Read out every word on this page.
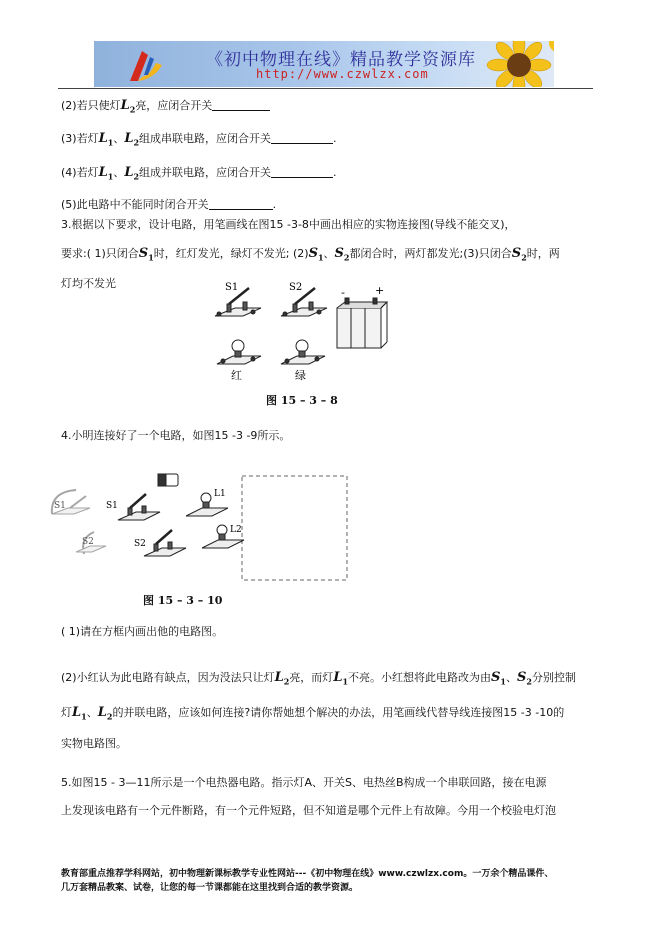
《初中物理在线》精品教学资源库
http://www.czwlzx.com
(2)若只使灯$L_2$亮，应闭合开关
(3)若灯$L_1$、$L_2$组成串联电路，应闭合开关	.
(4)若灯$L_1$、$L_2$组成并联电路，应闭合开关	.
(5)此电路中不能同时闭合开关	.
3.根据以下要求，设计电路，用笔画线在图15 -3-8中画出相应的实物连接图(导线不能交叉)，
要求:( 1)只闭合$S_1$时，红灯发光，绿灯不发光; $(2)S_1$、$S_2$都闭合时，两灯都发光;(3)只闭合$S_2$时，两
灯均不发光	S1	S2	-	+
红	绿
图 15 – 3 – 8
4.小明连接好了一个电路，如图15 -3 -9所示。
S1
S2
S1
S2
L1
L2
图 15 – 3 – 10
( 1)请在方框内画出他的电路图。
(2)小红认为此电路有缺点，因为没法只让灯$L_2$亮，而灯$L_1$不亮。小红想将此电路改为由$S_1$、$S_2$分别控制
灯$L_1$、$L_2$的并联电路，应该如何连接?请你帮她想个解决的办法，用笔画线代替导线连接图15 -3 -10的
实物电路图。
5.如图15 - 3—11所示是一个电热器电路。指示灯A、开关S、电热丝B构成一个串联回路，接在电源
上发现该电路有一个元件断路，有一个元件短路，但不知道是哪个元件上有故障。今用一个校验电灯泡
教育部重点推荐学科网站，初中物理新课标教学专业性网站---《初中物理在线》www.czwlzx.com。一万余个精品课件、
几万套精品教案、试卷，让您的每一节课都能在这里找到合适的教学资源。
